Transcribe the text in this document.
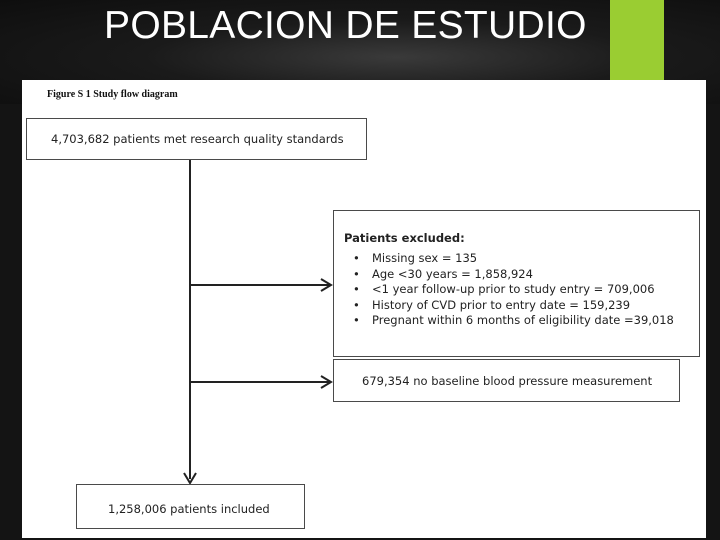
POBLACION DE ESTUDIO
Figure S 1 Study flow diagram
4,703,682 patients met research quality standards
Patients excluded:
• Missing sex = 135
• Age <30 years = 1,858,924
• <1 year follow-up prior to study entry = 709,006
• History of CVD prior to entry date = 159,239
• Pregnant within 6 months of eligibility date =39,018
679,354 no baseline blood pressure measurement
1,258,006 patients included
